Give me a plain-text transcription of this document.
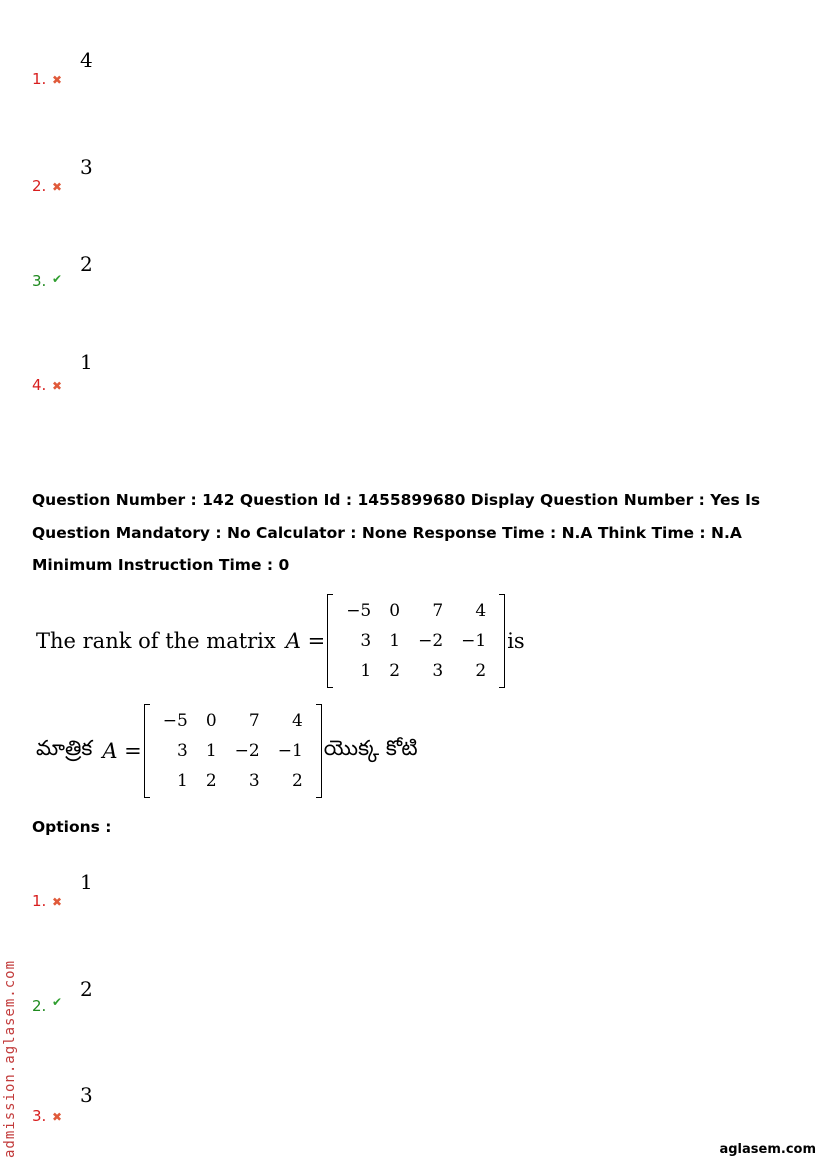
1. ✖
4
2. ✖
3
3. ✔
2
4. ✖
1
Question Number : 142 Question Id : 1455899680 Display Question Number : Yes Is Question Mandatory : No Calculator : None Response Time : N.A Think Time : N.A Minimum Instruction Time : 0
The rank of the matrix A =
−5	0	7	4
3	1	−2	−1
1	2	3	2
is
మాత్రిక A =
−5	0	7	4
3	1	−2	−1
1	2	3	2
యొక్క కోటి
Options :
1. ✖
1
2. ✔
2
3. ✖
3
admission.aglasem.com	aglasem.com
